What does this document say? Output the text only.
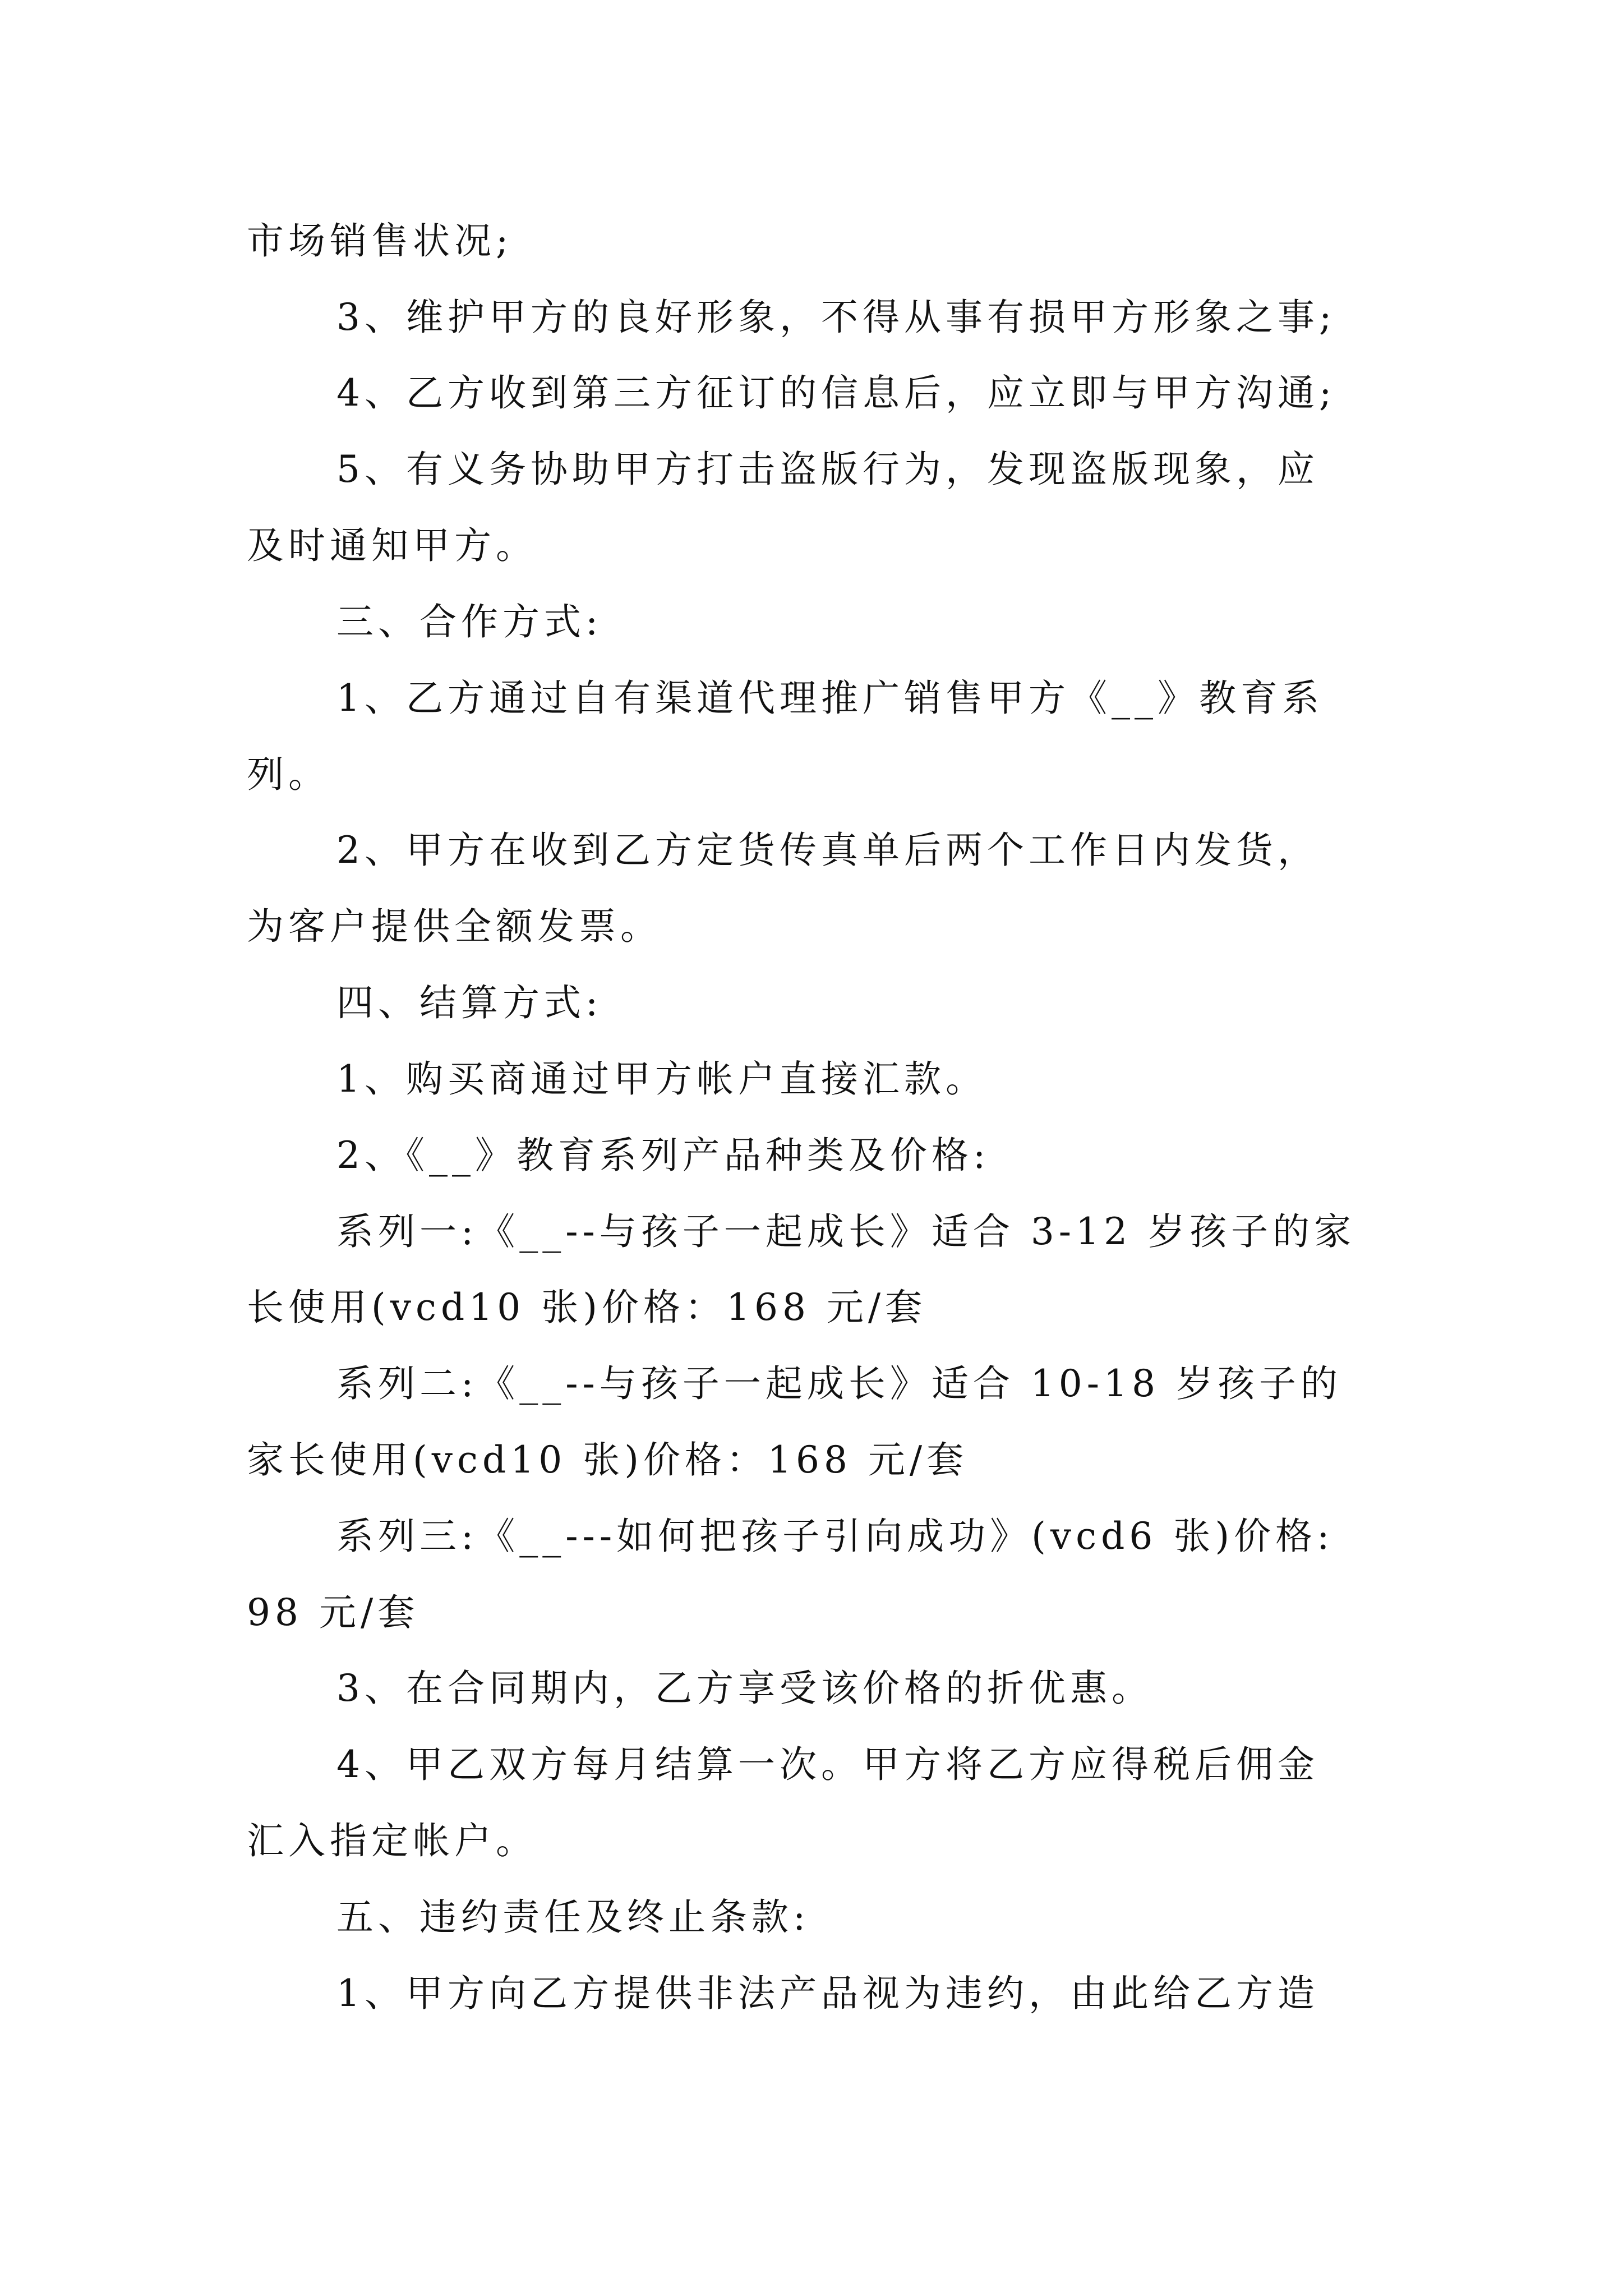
市场销售状况;
3、维护甲方的良好形象，不得从事有损甲方形象之事;
4、乙方收到第三方征订的信息后，应立即与甲方沟通;
5、有义务协助甲方打击盗版行为，发现盗版现象，应
及时通知甲方。
三、合作方式:
1、乙方通过自有渠道代理推广销售甲方《__》教育系
列。
2、甲方在收到乙方定货传真单后两个工作日内发货，
为客户提供全额发票。
四、结算方式:
1、购买商通过甲方帐户直接汇款。
2、《__》教育系列产品种类及价格:
系列一:《__--与孩子一起成长》适合 3-12 岁孩子的家
长使用(vcd10 张)价格：168 元/套
系列二:《__--与孩子一起成长》适合 10-18 岁孩子的
家长使用(vcd10 张)价格：168 元/套
系列三:《__---如何把孩子引向成功》(vcd6 张)价格:
98 元/套
3、在合同期内，乙方享受该价格的折优惠。
4、甲乙双方每月结算一次。甲方将乙方应得税后佣金
汇入指定帐户。
五、违约责任及终止条款:
1、甲方向乙方提供非法产品视为违约，由此给乙方造
